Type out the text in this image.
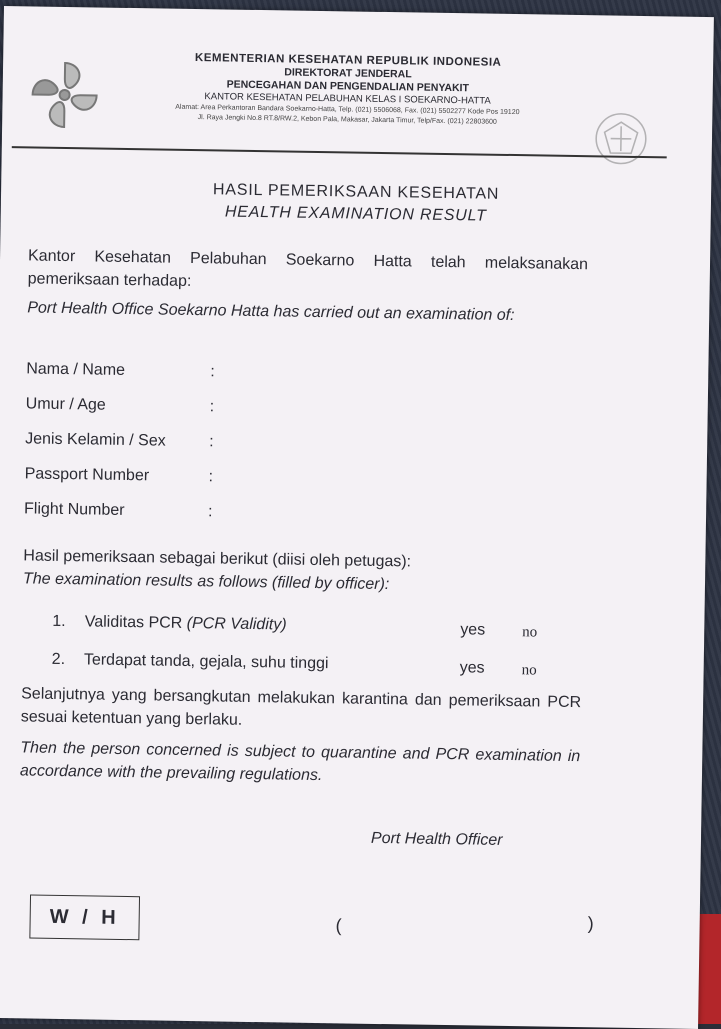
KEMENTERIAN KESEHATAN REPUBLIK INDONESIA
DIREKTORAT JENDERAL
PENCEGAHAN DAN PENGENDALIAN PENYAKIT
KANTOR KESEHATAN PELABUHAN KELAS I SOEKARNO-HATTA
Alamat: Area Perkantoran Bandara Soekarno-Hatta, Telp. (021) 5506068, Fax. (021) 5502277 Kode Pos 19120
Jl. Raya Jengki No.8 RT.8/RW.2, Kebon Pala, Makasar, Jakarta Timur, Telp/Fax. (021) 22803600
HASIL PEMERIKSAAN KESEHATAN
HEALTH EXAMINATION RESULT
Kantor Kesehatan Pelabuhan Soekarno Hatta telah melaksanakan pemeriksaan terhadap:
Port Health Office Soekarno Hatta has carried out an examination of:
Nama / Name	:
Umur / Age	:
Jenis Kelamin / Sex	:
Passport Number	:
Flight Number	:
Hasil pemeriksaan sebagai berikut (diisi oleh petugas):
The examination results as follows (filled by officer):
1. Validitas PCR (PCR Validity)	yes no
2. Terdapat tanda, gejala, suhu tinggi	yes no
Selanjutnya yang bersangkutan melakukan karantina dan pemeriksaan PCR sesuai ketentuan yang berlaku.
Then the person concerned is subject to quarantine and PCR examination in accordance with the prevailing regulations.
Port Health Officer
W / H	(	)
